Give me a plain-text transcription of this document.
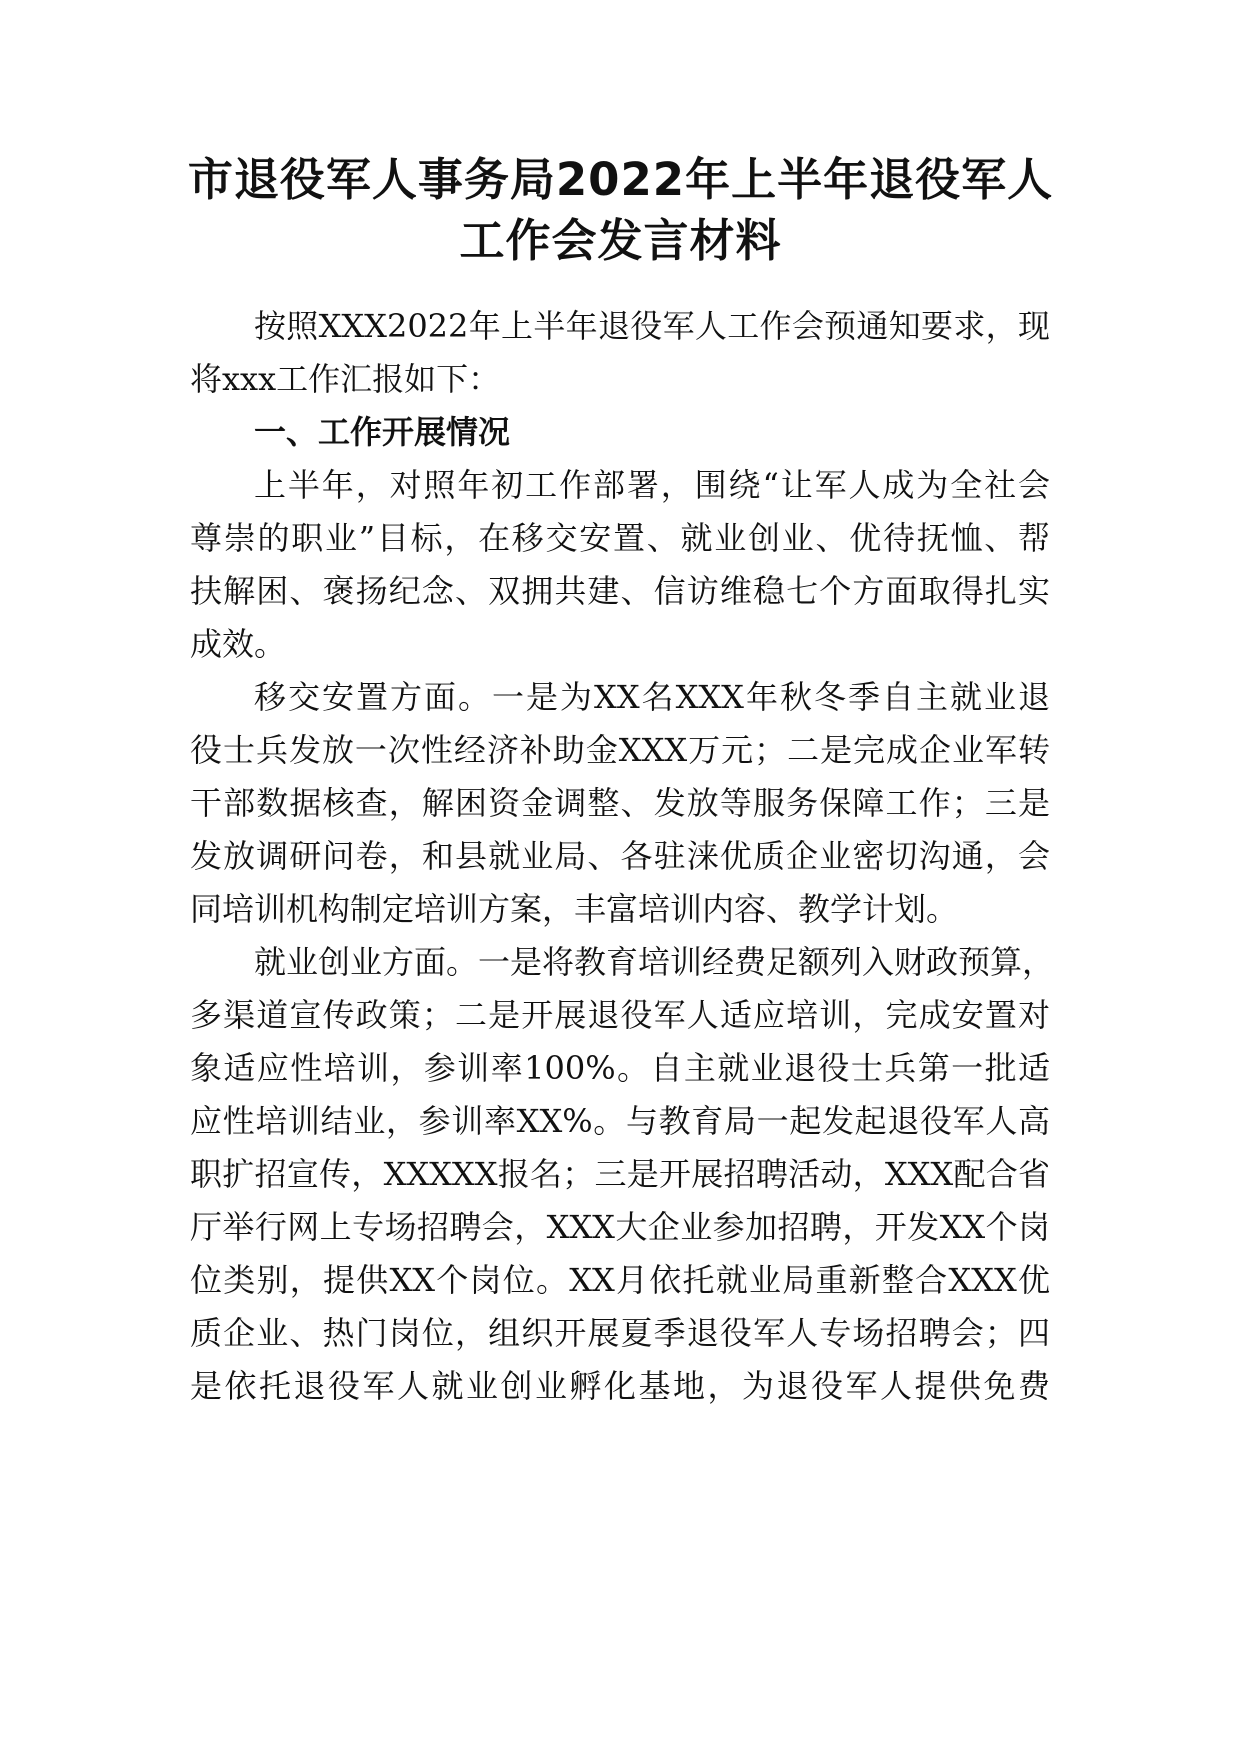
市退役军人事务局2022年上半年退役军人
工作会发言材料

按照XXX2022年上半年退役军人工作会预通知要求，现

将xxx工作汇报如下：

一、工作开展情况

上半年，对照年初工作部署，围绕“让军人成为全社会

尊崇的职业”目标，在移交安置、就业创业、优待抚恤、帮

扶解困、褒扬纪念、双拥共建、信访维稳七个方面取得扎实

成效。

移交安置方面。一是为XX名XXX年秋冬季自主就业退

役士兵发放一次性经济补助金XXX万元；二是完成企业军转

干部数据核查，解困资金调整、发放等服务保障工作；三是

发放调研问卷，和县就业局、各驻涞优质企业密切沟通，会

同培训机构制定培训方案，丰富培训内容、教学计划。

就业创业方面。一是将教育培训经费足额列入财政预算，

多渠道宣传政策；二是开展退役军人适应培训，完成安置对

象适应性培训，参训率100%。自主就业退役士兵第一批适

应性培训结业，参训率XX%。与教育局一起发起退役军人高

职扩招宣传，XXXXX报名；三是开展招聘活动，XXX配合省

厅举行网上专场招聘会，XXX大企业参加招聘，开发XX个岗

位类别，提供XX个岗位。XX月依托就业局重新整合XXX优

质企业、热门岗位，组织开展夏季退役军人专场招聘会；四

是依托退役军人就业创业孵化基地，为退役军人提供免费
